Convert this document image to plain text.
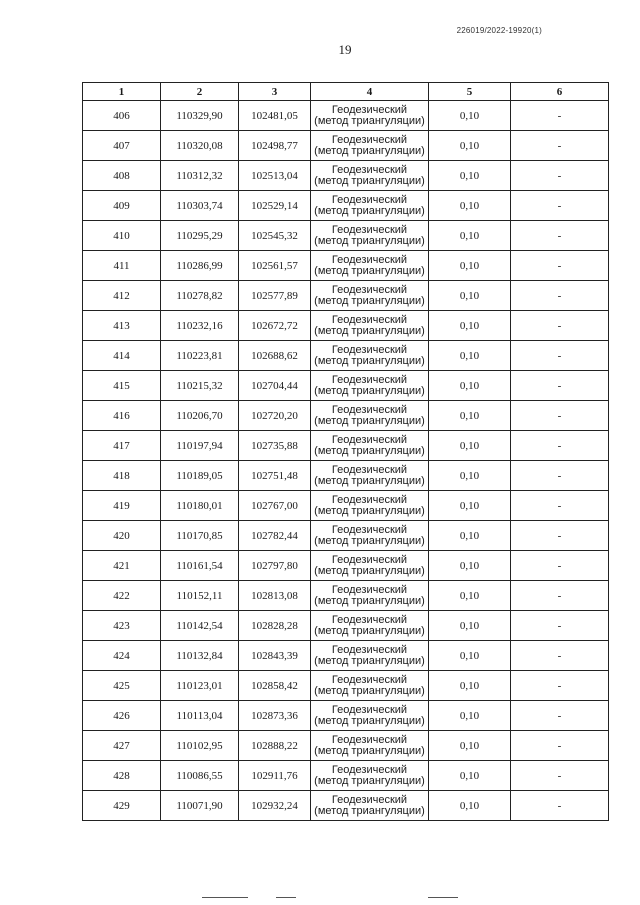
226019/2022-19920(1)
19
1	2	3	4	5	6
406	110329,90	102481,05	Геодезический
(метод триангуляции)	0,10	-
407	110320,08	102498,77	Геодезический
(метод триангуляции)	0,10	-
408	110312,32	102513,04	Геодезический
(метод триангуляции)	0,10	-
409	110303,74	102529,14	Геодезический
(метод триангуляции)	0,10	-
410	110295,29	102545,32	Геодезический
(метод триангуляции)	0,10	-
411	110286,99	102561,57	Геодезический
(метод триангуляции)	0,10	-
412	110278,82	102577,89	Геодезический
(метод триангуляции)	0,10	-
413	110232,16	102672,72	Геодезический
(метод триангуляции)	0,10	-
414	110223,81	102688,62	Геодезический
(метод триангуляции)	0,10	-
415	110215,32	102704,44	Геодезический
(метод триангуляции)	0,10	-
416	110206,70	102720,20	Геодезический
(метод триангуляции)	0,10	-
417	110197,94	102735,88	Геодезический
(метод триангуляции)	0,10	-
418	110189,05	102751,48	Геодезический
(метод триангуляции)	0,10	-
419	110180,01	102767,00	Геодезический
(метод триангуляции)	0,10	-
420	110170,85	102782,44	Геодезический
(метод триангуляции)	0,10	-
421	110161,54	102797,80	Геодезический
(метод триангуляции)	0,10	-
422	110152,11	102813,08	Геодезический
(метод триангуляции)	0,10	-
423	110142,54	102828,28	Геодезический
(метод триангуляции)	0,10	-
424	110132,84	102843,39	Геодезический
(метод триангуляции)	0,10	-
425	110123,01	102858,42	Геодезический
(метод триангуляции)	0,10	-
426	110113,04	102873,36	Геодезический
(метод триангуляции)	0,10	-
427	110102,95	102888,22	Геодезический
(метод триангуляции)	0,10	-
428	110086,55	102911,76	Геодезический
(метод триангуляции)	0,10	-
429	110071,90	102932,24	Геодезический
(метод триангуляции)	0,10	-
